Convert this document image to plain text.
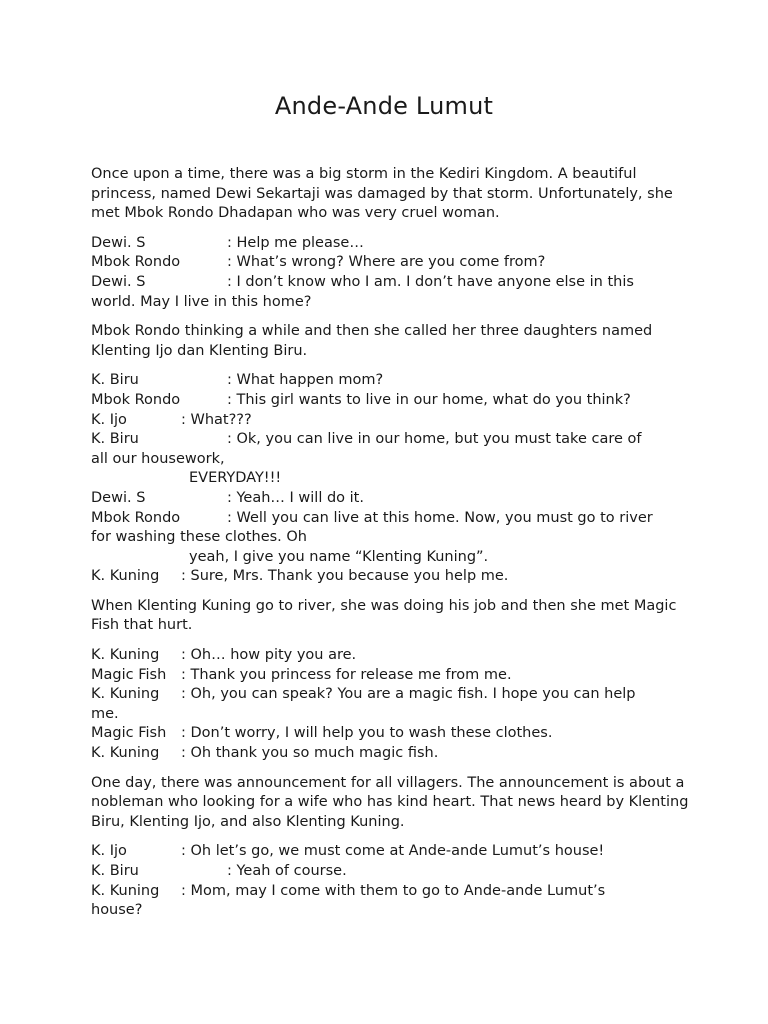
Ande-Ande Lumut

Once upon a time, there was a big storm in the Kediri Kingdom. A beautiful princess, named Dewi Sekartaji was damaged by that storm. Unfortunately, she met Mbok Rondo Dhadapan who was very cruel woman.

Dewi. S	: Help me please…
Mbok Rondo	: What’s wrong? Where are you come from?
Dewi. S	: I don’t know who I am. I don’t have anyone else in this
world. May I live in this home?

Mbok Rondo thinking a while and then she called her three daughters named Klenting Ijo dan Klenting Biru.

K. Biru	: What happen mom?
Mbok Rondo	: This girl wants to live in our home, what do you think?
K. Ijo	: What???
K. Biru	: Ok, you can live in our home, but you must take care of
all our housework,
EVERYDAY!!!
Dewi. S	: Yeah… I will do it.
Mbok Rondo	: Well you can live at this home. Now, you must go to river
for washing these clothes. Oh
yeah, I give you name “Klenting Kuning”.
K. Kuning : Sure, Mrs. Thank you because you help me.

When Klenting Kuning go to river, she was doing his job and then she met Magic Fish that hurt.

K. Kuning : Oh… how pity you are.
Magic Fish : Thank you princess for release me from me.
K. Kuning : Oh, you can speak? You are a magic fish. I hope you can help
me.
Magic Fish : Don’t worry, I will help you to wash these clothes.
K. Kuning : Oh thank you so much magic fish.

One day, there was announcement for all villagers. The announcement is about a nobleman who looking for a wife who has kind heart. That news heard by Klenting Biru, Klenting Ijo, and also Klenting Kuning.

K. Ijo	: Oh let’s go, we must come at Ande-ande Lumut’s house!
K. Biru	: Yeah of course.
K. Kuning : Mom, may I come with them to go to Ande-ande Lumut’s
house?
